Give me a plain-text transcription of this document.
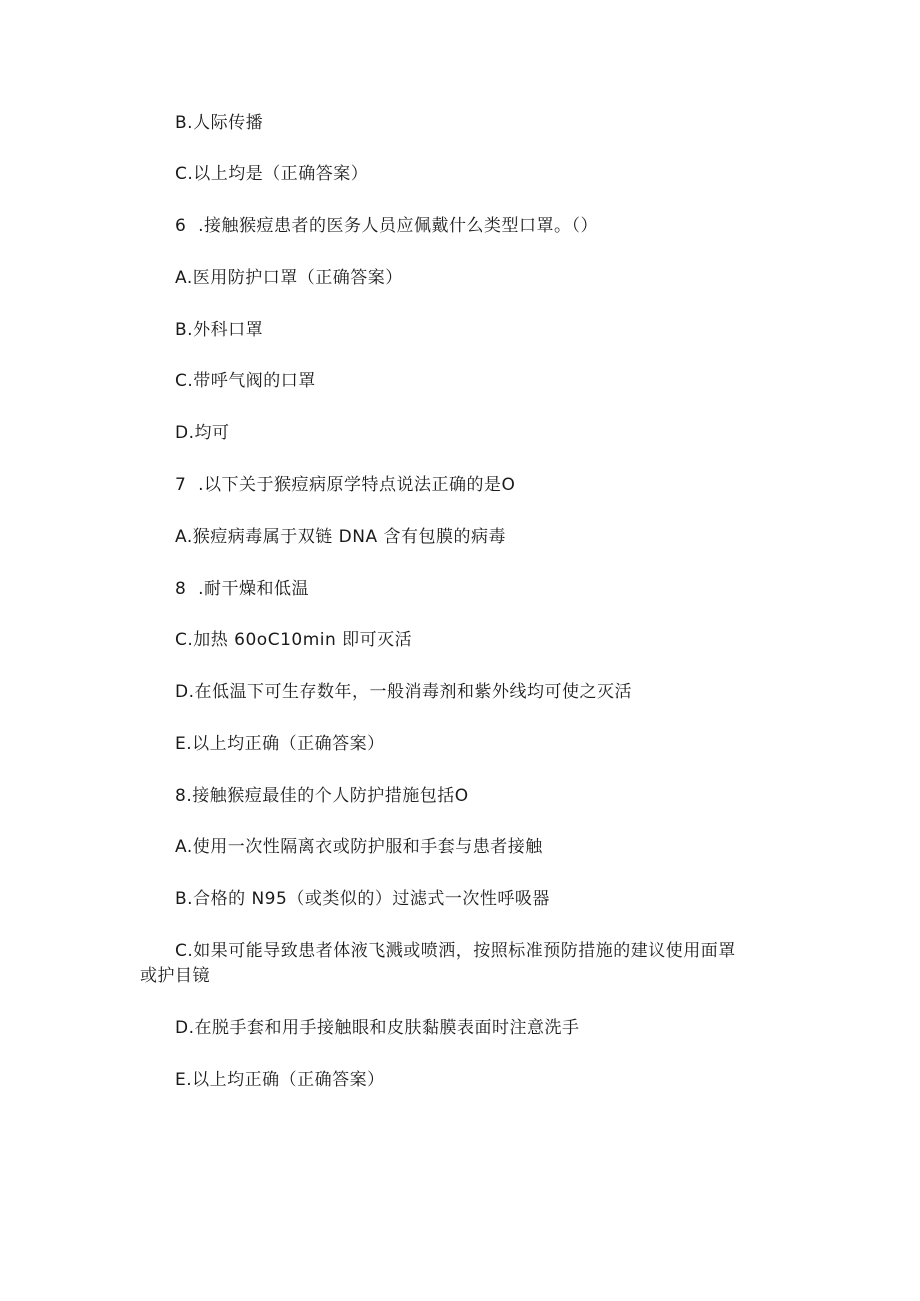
B.人际传播
C.以上均是（正确答案）
6  .接触猴痘患者的医务人员应佩戴什么类型口罩。（）
A.医用防护口罩（正确答案）
B.外科口罩
C.带呼气阀的口罩
D.均可
7  .以下关于猴痘病原学特点说法正确的是O
A.猴痘病毒属于双链 DNA 含有包膜的病毒
8  .耐干燥和低温
C.加热 60oC10min 即可灭活
D.在低温下可生存数年，一般消毒剂和紫外线均可使之灭活
E.以上均正确（正确答案）
8.接触猴痘最佳的个人防护措施包括O
A.使用一次性隔离衣或防护服和手套与患者接触
B.合格的 N95（或类似的）过滤式一次性呼吸器
C.如果可能导致患者体液飞溅或喷洒，按照标准预防措施的建议使用面罩
或护目镜
D.在脱手套和用手接触眼和皮肤黏膜表面时注意洗手
E.以上均正确（正确答案）
